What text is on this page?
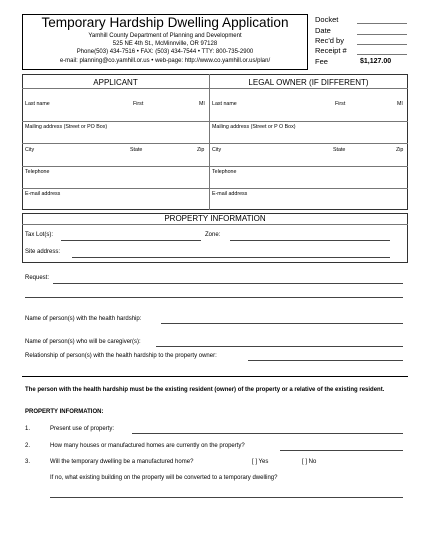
Temporary Hardship Dwelling Application
Yamhill County Department of Planning and Development
525 NE 4th St., McMinnville, OR 97128
Phone(503) 434-7516 • FAX: (503) 434-7544 • TTY: 800-735-2900
e-mail: planning@co.yamhill.or.us • web-page: http://www.co.yamhill.or.us/plan/
Docket
Date
Rec'd by
Receipt #
Fee	$1,127.00
APPLICANT	LEGAL OWNER (IF DIFFERENT)
Last name	First	MI
Mailing address (Street or PO Box)
City	State	Zip
Telephone
E-mail address
Last name	First	MI
Mailing address (Street or P O Box)
City	State	Zip
Telephone
E-mail address
PROPERTY INFORMATION
Tax Lot(s):	Zone:
Site address:
Request:
Name of person(s) with the health hardship:
Name of person(s) who will be caregiver(s):
Relationship of person(s) with the health hardship to the property owner:
The person with the health hardship must be the existing resident (owner) of the property or a relative of the existing resident.
PROPERTY INFORMATION:
1.	Present use of property:
2.	How many houses or manufactured homes are currently on the property?
3.	Will the temporary dwelling be a manufactured home?	[ ] Yes	[ ] No
If no, what existing building on the property will be converted to a temporary dwelling?
